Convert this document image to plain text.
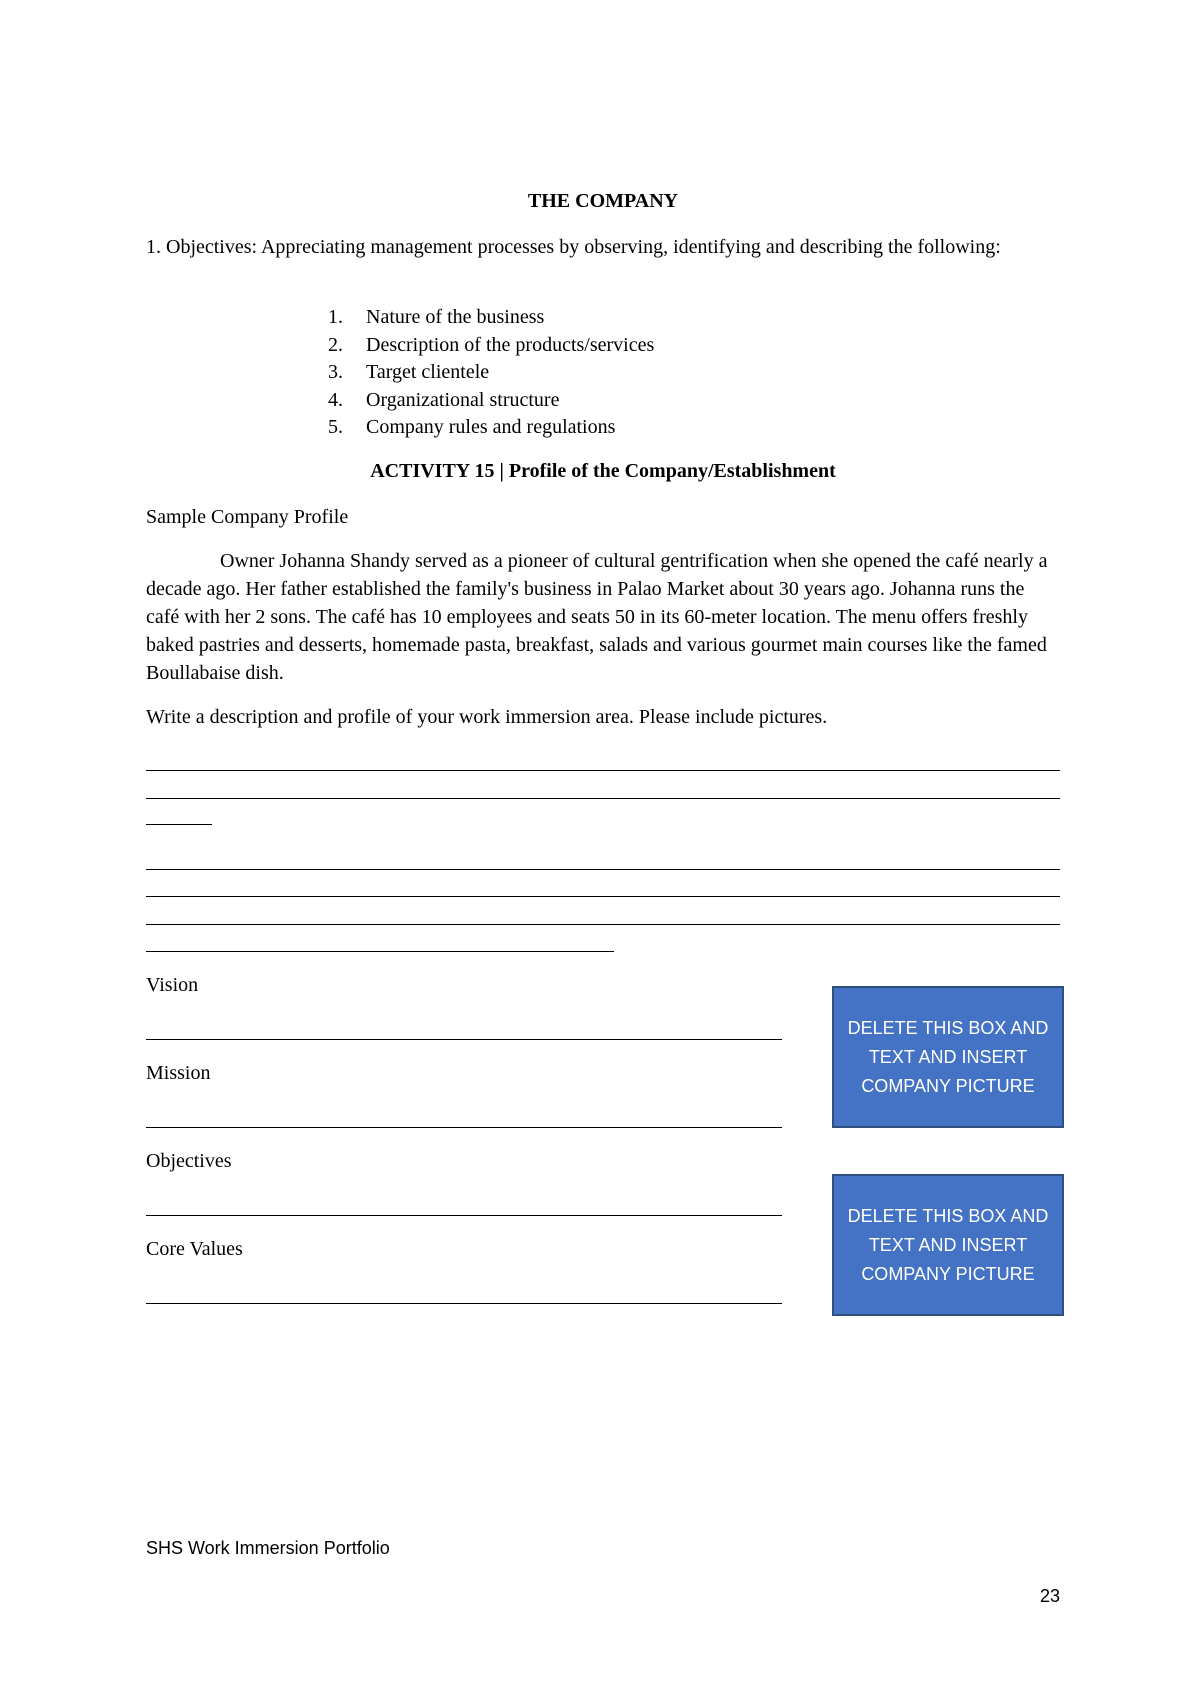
THE COMPANY
1. Objectives: Appreciating management processes by observing, identifying and describing the following:
1. Nature of the business
2. Description of the products/services
3. Target clientele
4. Organizational structure
5. Company rules and regulations
ACTIVITY 15 | Profile of the Company/Establishment
Sample Company Profile
Owner Johanna Shandy served as a pioneer of cultural gentrification when she opened the café nearly a decade ago. Her father established the family's business in Palao Market about 30 years ago. Johanna runs the café with her 2 sons. The café has 10 employees and seats 50 in its 60-meter location. The menu offers freshly baked pastries and desserts, homemade pasta, breakfast, salads and various gourmet main courses like the famed Boullabaise dish.
Write a description and profile of your work immersion area. Please include pictures.
Vision
Mission
Objectives
Core Values
DELETE THIS BOX AND TEXT AND INSERT COMPANY PICTURE
DELETE THIS BOX AND TEXT AND INSERT COMPANY PICTURE
SHS Work Immersion Portfolio
23
